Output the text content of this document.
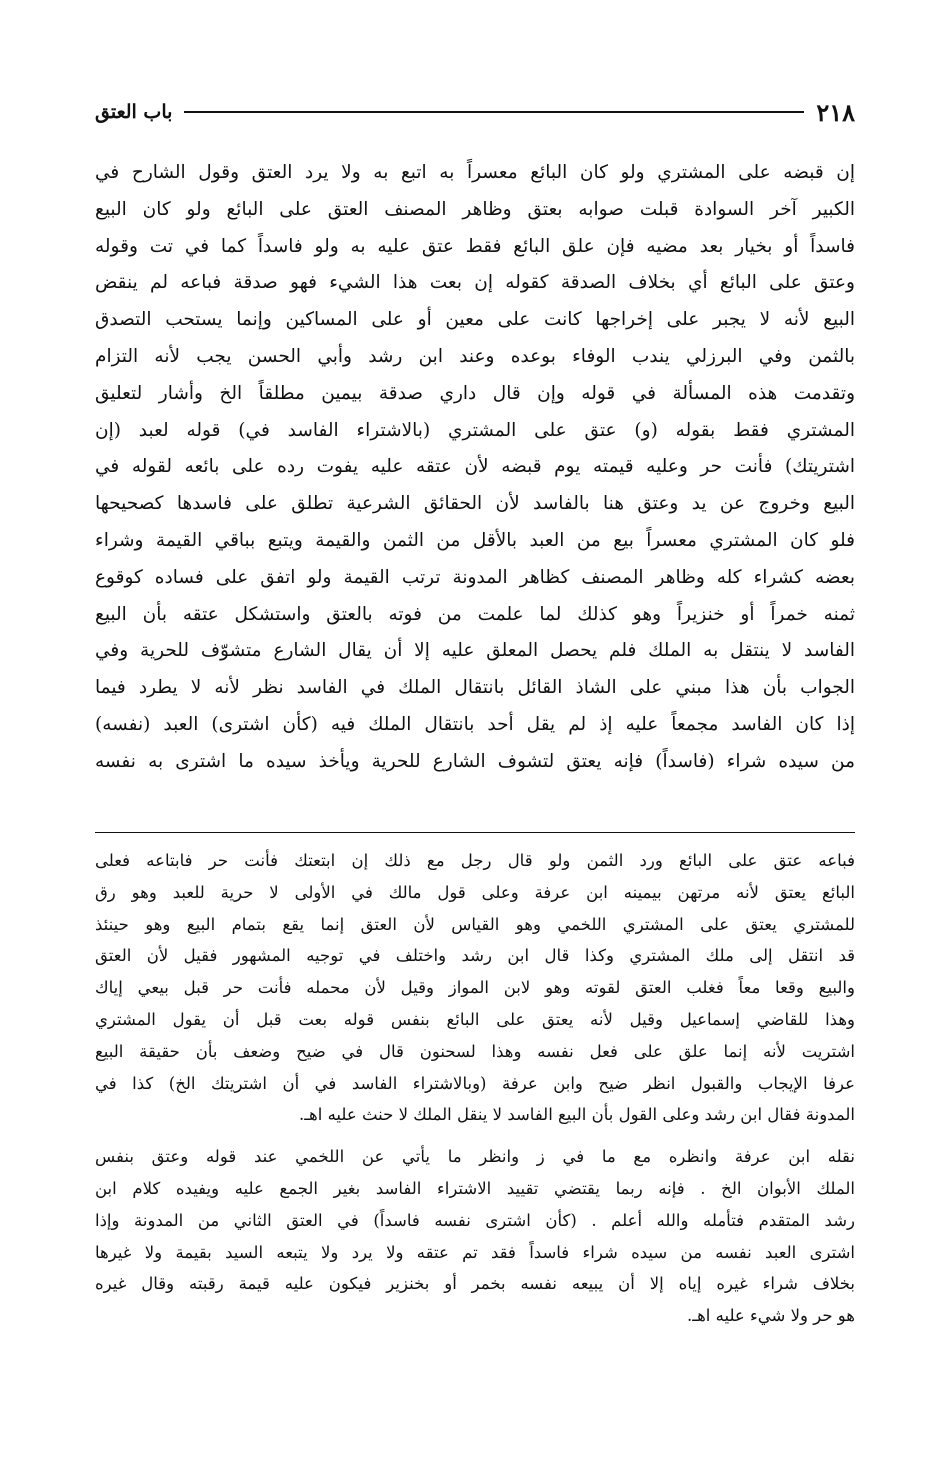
٢١٨
باب العتق
إن قبضه على المشتري ولو كان البائع معسراً به اتبع به ولا يرد العتق وقول الشارح في
الكبير آخر السوادة قبلت صوابه بعتق وظاهر المصنف العتق على البائع ولو كان البيع
فاسداً أو بخيار بعد مضيه فإن علق البائع فقط عتق عليه به ولو فاسداً كما في تت وقوله
وعتق على البائع أي بخلاف الصدقة كقوله إن بعت هذا الشيء فهو صدقة فباعه لم ينقض
البيع لأنه لا يجبر على إخراجها كانت على معين أو على المساكين وإنما يستحب التصدق
بالثمن وفي البرزلي يندب الوفاء بوعده وعند ابن رشد وأبي الحسن يجب لأنه التزام
وتقدمت هذه المسألة في قوله وإن قال داري صدقة بيمين مطلقاً الخ وأشار لتعليق
المشتري فقط بقوله (و) عتق على المشتري (بالاشتراء الفاسد في) قوله لعبد (إن
اشتريتك) فأنت حر وعليه قيمته يوم قبضه لأن عتقه عليه يفوت رده على بائعه لقوله في
البيع وخروج عن يد وعتق هنا بالفاسد لأن الحقائق الشرعية تطلق على فاسدها كصحيحها
فلو كان المشتري معسراً بيع من العبد بالأقل من الثمن والقيمة ويتبع بباقي القيمة وشراء
بعضه كشراء كله وظاهر المصنف كظاهر المدونة ترتب القيمة ولو اتفق على فساده كوقوع
ثمنه خمراً أو خنزيراً وهو كذلك لما علمت من فوته بالعتق واستشكل عتقه بأن البيع
الفاسد لا ينتقل به الملك فلم يحصل المعلق عليه إلا أن يقال الشارع متشوّف للحرية وفي
الجواب بأن هذا مبني على الشاذ القائل بانتقال الملك في الفاسد نظر لأنه لا يطرد فيما
إذا كان الفاسد مجمعاً عليه إذ لم يقل أحد بانتقال الملك فيه (كأن اشترى) العبد (نفسه)
من سيده شراء (فاسداً) فإنه يعتق لتشوف الشارع للحرية ويأخذ سيده ما اشترى به نفسه
فباعه عتق على البائع ورد الثمن ولو قال رجل مع ذلك إن ابتعتك فأنت حر فابتاعه فعلى
البائع يعتق لأنه مرتهن بيمينه ابن عرفة وعلى قول مالك في الأولى لا حرية للعبد وهو رق
للمشتري يعتق على المشتري اللخمي وهو القياس لأن العتق إنما يقع بتمام البيع وهو حينئذ
قد انتقل إلى ملك المشتري وكذا قال ابن رشد واختلف في توجيه المشهور فقيل لأن العتق
والبيع وقعا معاً فغلب العتق لقوته وهو لابن المواز وقيل لأن محمله فأنت حر قبل بيعي إياك
وهذا للقاضي إسماعيل وقيل لأنه يعتق على البائع بنفس قوله بعت قبل أن يقول المشتري
اشتريت لأنه إنما علق على فعل نفسه وهذا لسحنون قال في ضيح وضعف بأن حقيقة البيع
عرفا الإيجاب والقبول انظر ضيح وابن عرفة (وبالاشتراء الفاسد في أن اشتريتك الخ) كذا في
المدونة فقال ابن رشد وعلى القول بأن البيع الفاسد لا ينقل الملك لا حنث عليه اهـ.
نقله ابن عرفة وانظره مع ما في ز وانظر ما يأتي عن اللخمي عند قوله وعتق بنفس
الملك الأبوان الخ . فإنه ربما يقتضي تقييد الاشتراء الفاسد بغير الجمع عليه ويفيده كلام ابن
رشد المتقدم فتأمله والله أعلم . (كأن اشترى نفسه فاسداً) في العتق الثاني من المدونة وإذا
اشترى العبد نفسه من سيده شراء فاسداً فقد تم عتقه ولا يرد ولا يتبعه السيد بقيمة ولا غيرها
بخلاف شراء غيره إياه إلا أن يبيعه نفسه بخمر أو بخنزير فيكون عليه قيمة رقبته وقال غيره
هو حر ولا شيء عليه اهـ.
